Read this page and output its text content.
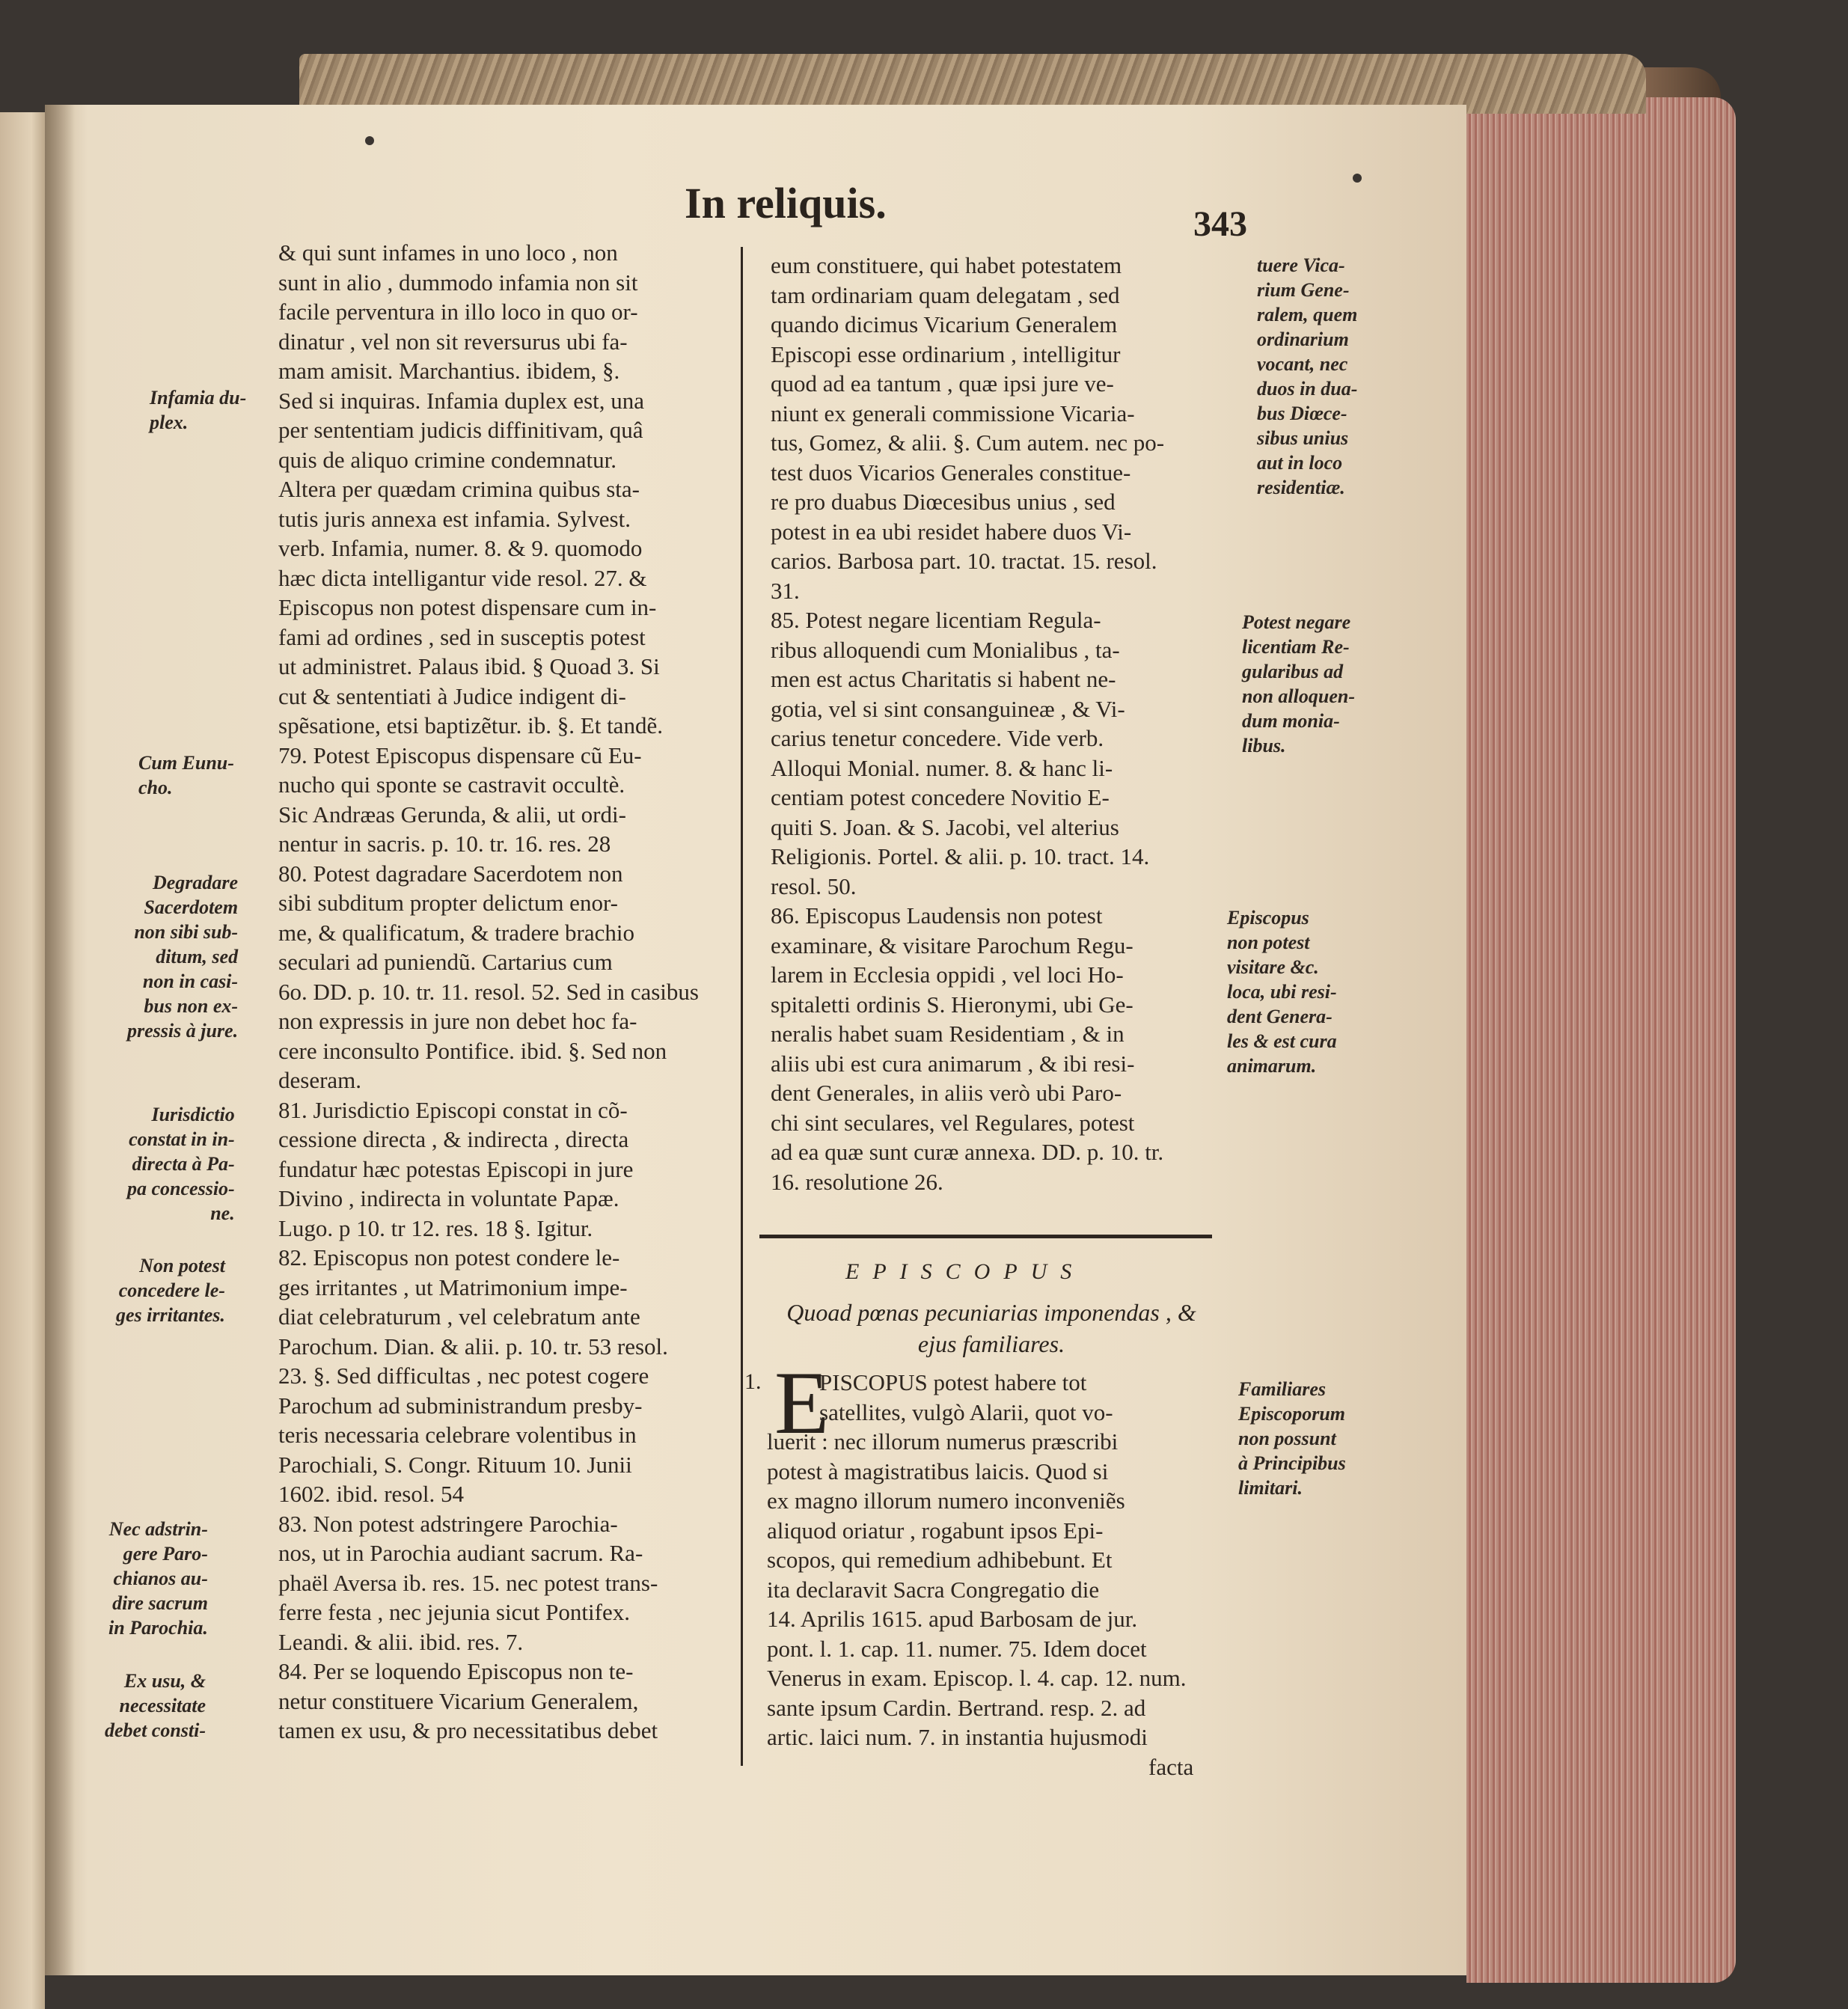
In reliquis.	343
& qui sunt infames in uno loco , non
sunt in alio , dummodo infamia non sit
facile perventura in illo loco in quo or-
dinatur , vel non sit reversurus ubi fa-
mam amisit. Marchantius. ibidem, §.
Sed si inquiras. Infamia duplex est, una
per sententiam judicis diffinitivam, quâ
quis de aliquo crimine condemnatur.
Altera per quædam crimina quibus sta-
tutis juris annexa est infamia. Sylvest.
verb. Infamia, numer. 8. & 9. quomodo
hæc dicta intelligantur vide resol. 27. &
Episcopus non potest dispensare cum in-
fami ad ordines , sed in susceptis potest
ut administret. Palaus ibid. § Quoad 3. Si
cut & sententiati à Judice indigent di-
spẽsatione, etsi baptizẽtur. ib. §. Et tandẽ.
79. Potest Episcopus dispensare cũ Eu-
nucho qui sponte se castravit occultè.
Sic Andræas Gerunda, & alii, ut ordi-
nentur in sacris. p. 10. tr. 16. res. 28
80. Potest dagradare Sacerdotem non
sibi subditum propter delictum enor-
me, & qualificatum, & tradere brachio
seculari ad puniendũ. Cartarius cum
6o. DD. p. 10. tr. 11. resol. 52. Sed in casibus
non expressis in jure non debet hoc fa-
cere inconsulto Pontifice. ibid. §. Sed non
deseram.
81. Jurisdictio Episcopi constat in cõ-
cessione directa , & indirecta , directa
fundatur hæc potestas Episcopi in jure
Divino , indirecta in voluntate Papæ.
Lugo. p 10. tr 12. res. 18 §. Igitur.
82. Episcopus non potest condere le-
ges irritantes , ut Matrimonium impe-
diat celebraturum , vel celebratum ante
Parochum. Dian. & alii. p. 10. tr. 53 resol.
23. §. Sed difficultas , nec potest cogere
Parochum ad subministrandum presby-
teris necessaria celebrare volentibus in
Parochiali, S. Congr. Rituum 10. Junii
1602. ibid. resol. 54
83. Non potest adstringere Parochia-
nos, ut in Parochia audiant sacrum. Ra-
phaël Aversa ib. res. 15. nec potest trans-
ferre festa , nec jejunia sicut Pontifex.
Leandi. & alii. ibid. res. 7.
84. Per se loquendo Episcopus non te-
netur constituere Vicarium Generalem,
tamen ex usu, & pro necessitatibus debet
eum constituere, qui habet potestatem
tam ordinariam quam delegatam , sed
quando dicimus Vicarium Generalem
Episcopi esse ordinarium , intelligitur
quod ad ea tantum , quæ ipsi jure ve-
niunt ex generali commissione Vicaria-
tus, Gomez, & alii. §. Cum autem. nec po-
test duos Vicarios Generales constitue-
re pro duabus Diœcesibus unius , sed
potest in ea ubi residet habere duos Vi-
carios. Barbosa part. 10. tractat. 15. resol.
31.
85. Potest negare licentiam Regula-
ribus alloquendi cum Monialibus , ta-
men est actus Charitatis si habent ne-
gotia, vel si sint consanguineæ , & Vi-
carius tenetur concedere. Vide verb.
Alloqui Monial. numer. 8. & hanc li-
centiam potest concedere Novitio E-
quiti S. Joan. & S. Jacobi, vel alterius
Religionis. Portel. & alii. p. 10. tract. 14.
resol. 50.
86. Episcopus Laudensis non potest
examinare, & visitare Parochum Regu-
larem in Ecclesia oppidi , vel loci Ho-
spitaletti ordinis S. Hieronymi, ubi Ge-
neralis habet suam Residentiam , & in
aliis ubi est cura animarum , & ibi resi-
dent Generales, in aliis verò ubi Paro-
chi sint seculares, vel Regulares, potest
ad ea quæ sunt curæ annexa. DD. p. 10. tr.
16. resolutione 26.
Infamia du-
plex.
Cum Eunu-
cho.
Degradare
Sacerdotem
non sibi sub-
ditum, sed
non in casi-
bus non ex-
pressis à jure.
Iurisdictio
constat in in-
directa à Pa-
pa concessio-
ne.
Non potest
concedere le-
ges irritantes.
Nec adstrin-
gere Paro-
chianos au-
dire sacrum
in Parochia.
Ex usu, &
necessitate
debet consti-
tuere Vica-
rium Gene-
ralem, quem
ordinarium
vocant, nec
duos in dua-
bus Diœce-
sibus unius
aut in loco
residentiæ.
Potest negare
licentiam Re-
gularibus ad
non alloquen-
dum monia-
libus.
Episcopus
non potest
visitare &c.
loca, ubi resi-
dent Genera-
les & est cura
animarum.
Familiares
Episcoporum
non possunt
à Principibus
limitari.
EPISCOPUS
Quoad pœnas pecuniarias imponendas , &
ejus familiares.
1. E
PISCOPUS potest habere tot
satellites, vulgò Alarii, quot vo-
luerit : nec illorum numerus præscribi
potest à magistratibus laicis. Quod si
ex magno illorum numero inconveniẽs
aliquod oriatur , rogabunt ipsos Epi-
scopos, qui remedium adhibebunt. Et
ita declaravit Sacra Congregatio die
14. Aprilis 1615. apud Barbosam de jur.
pont. l. 1. cap. 11. numer. 75. Idem docet
Venerus in exam. Episcop. l. 4. cap. 12. num.
sante ipsum Cardin. Bertrand. resp. 2. ad
artic. laici num. 7. in instantia hujusmodi
facta
